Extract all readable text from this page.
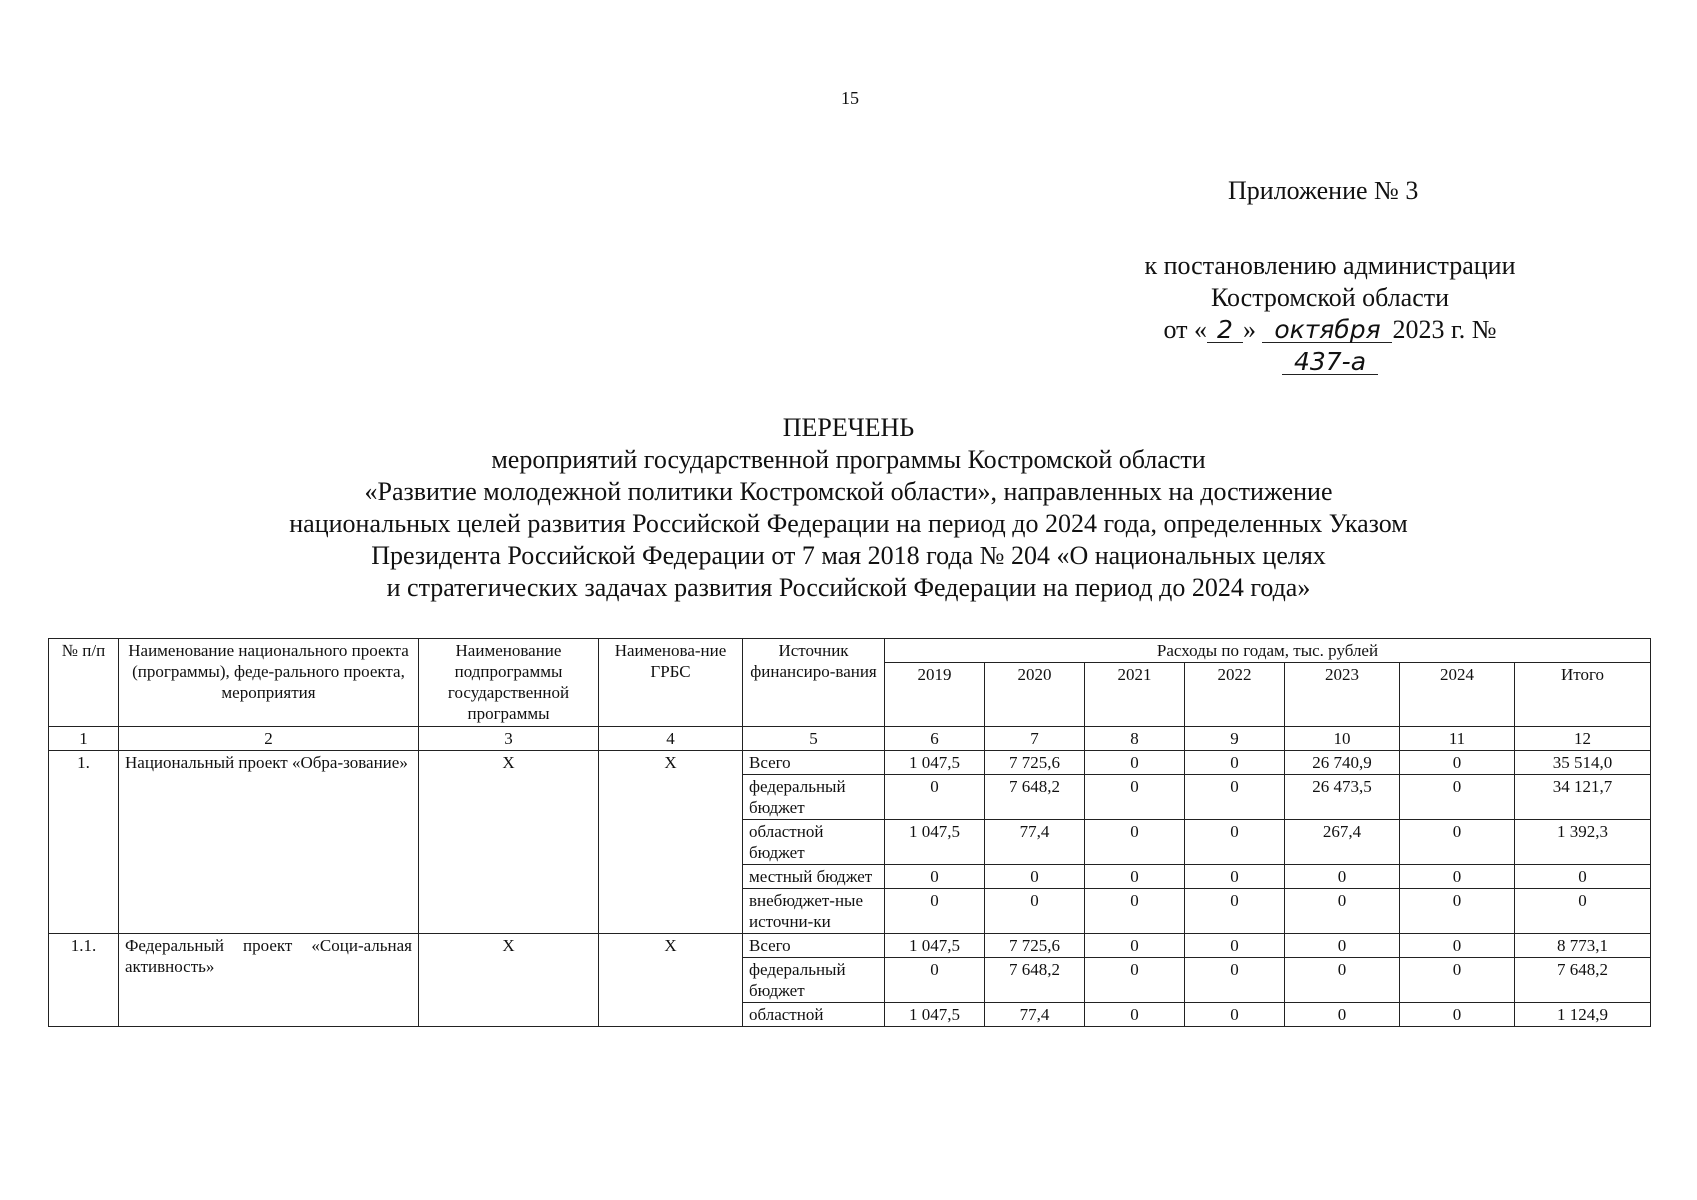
15
Приложение № 3
к постановлению администрации
Костромской области
от « 2 » октября 2023 г. № 437-а
ПЕРЕЧЕНЬ
мероприятий государственной программы Костромской области
«Развитие молодежной политики Костромской области», направленных на достижение
национальных целей развития Российской Федерации на период до 2024 года, определенных Указом
Президента Российской Федерации от 7 мая 2018 года № 204 «О национальных целях
и стратегических задачах развития Российской Федерации на период до 2024 года»
№ п/п	Наименование национального проекта (программы), феде-рального проекта, мероприятия	Наименование подпрограммы государственной программы	Наименова-ние ГРБС	Источник финансиро-вания	Расходы по годам, тыс. рублей						
					2019	2020	2021	2022	2023	2024	Итого
1	2	3	4	5	6	7	8	9	10	11	12
1.	Национальный проект «Обра-зование»	Х	Х	Всего	1 047,5	7 725,6	0	0	26 740,9	0	35 514,0
				федеральный бюджет	0	7 648,2	0	0	26 473,5	0	34 121,7
				областной бюджет	1 047,5	77,4	0	0	267,4	0	1 392,3
				местный бюджет	0	0	0	0	0	0	0
				внебюджет-ные источни-ки	0	0	0	0	0	0	0
1.1.	Федеральный проект «Соци-альная активность»	Х	Х	Всего	1 047,5	7 725,6	0	0	0	0	8 773,1
				федеральный бюджет	0	7 648,2	0	0	0	0	7 648,2
				областной	1 047,5	77,4	0	0	0	0	1 124,9
